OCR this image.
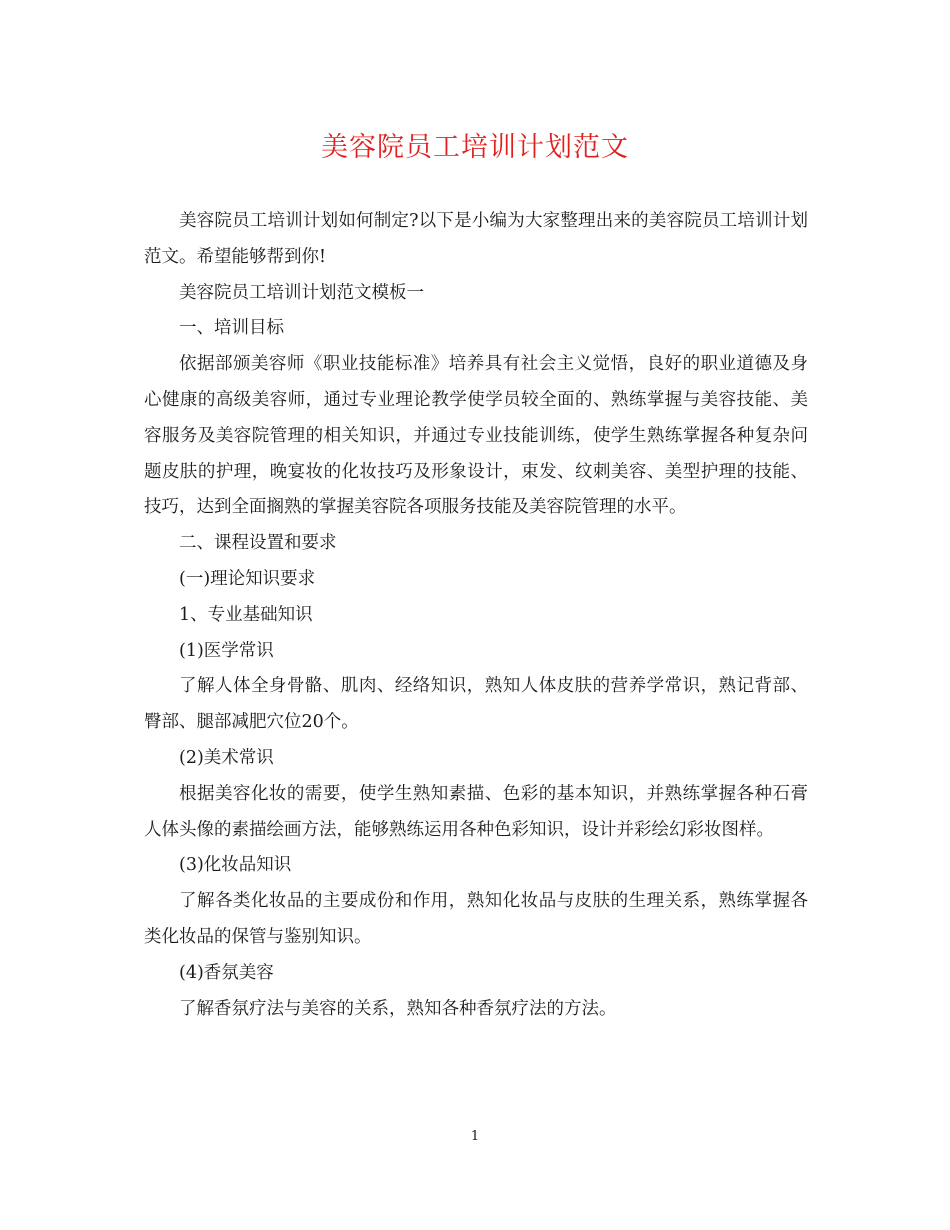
美容院员工培训计划范文

美容院员工培训计划如何制定?以下是小编为大家整理出来的美容院员工培训计划范文。希望能够帮到你!

美容院员工培训计划范文模板一

一、培训目标

依据部颁美容师《职业技能标准》培养具有社会主义觉悟，良好的职业道德及身心健康的高级美容师，通过专业理论教学使学员较全面的、熟练掌握与美容技能、美容服务及美容院管理的相关知识，并通过专业技能训练，使学生熟练掌握各种复杂问题皮肤的护理，晚宴妆的化妆技巧及形象设计，束发、纹刺美容、美型护理的技能、技巧，达到全面搁熟的掌握美容院各项服务技能及美容院管理的水平。

二、课程设置和要求

(一)理论知识要求

1、专业基础知识

(1)医学常识

了解人体全身骨骼、肌肉、经络知识，熟知人体皮肤的营养学常识，熟记背部、臀部、腿部减肥穴位20个。

(2)美术常识

根据美容化妆的需要，使学生熟知素描、色彩的基本知识，并熟练掌握各种石膏人体头像的素描绘画方法，能够熟练运用各种色彩知识，设计并彩绘幻彩妆图样。

(3)化妆品知识

了解各类化妆品的主要成份和作用，熟知化妆品与皮肤的生理关系，熟练掌握各类化妆品的保管与鉴别知识。

(4)香氛美容

了解香氛疗法与美容的关系，熟知各种香氛疗法的方法。

1
